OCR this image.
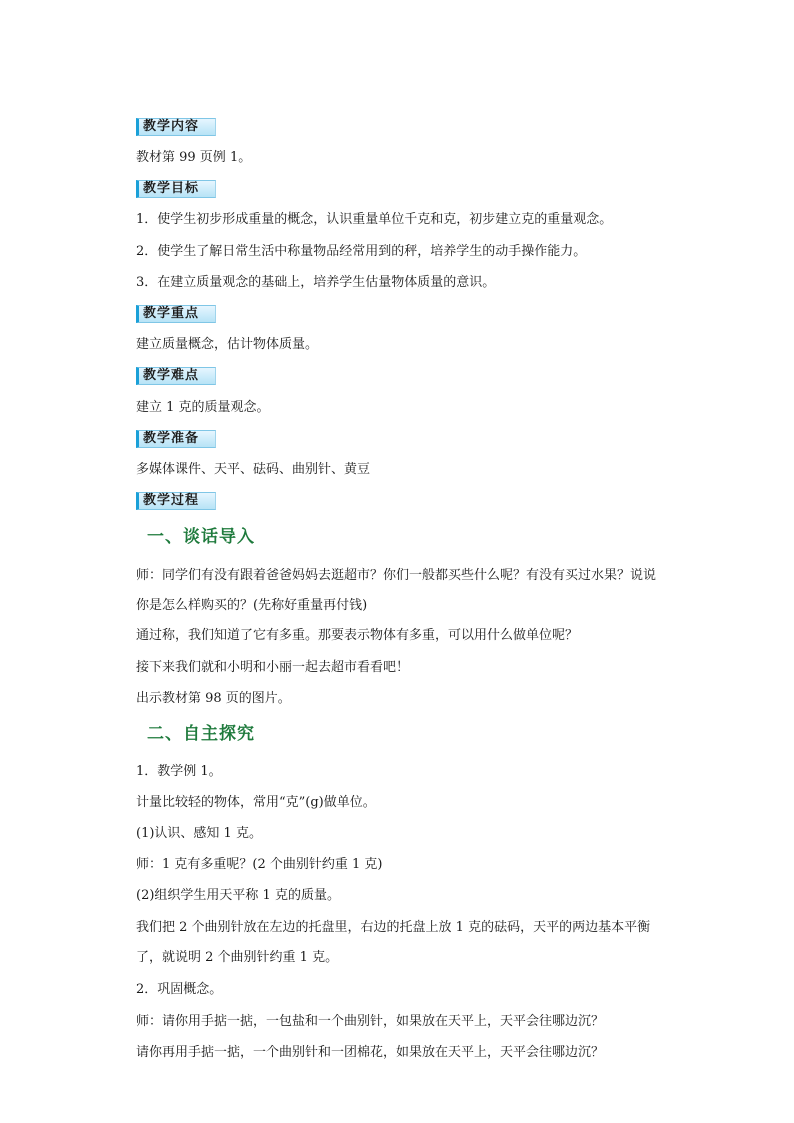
教学内容
教材第 99 页例 1。
教学目标
1．使学生初步形成重量的概念，认识重量单位千克和克，初步建立克的重量观念。
2．使学生了解日常生活中称量物品经常用到的秤，培养学生的动手操作能力。
3．在建立质量观念的基础上，培养学生估量物体质量的意识。
教学重点
建立质量概念，估计物体质量。
教学难点
建立 1 克的质量观念。
教学准备
多媒体课件、天平、砝码、曲别针、黄豆
教学过程
一、谈话导入
师：同学们有没有跟着爸爸妈妈去逛超市？你们一般都买些什么呢？有没有买过水果？说说你是怎么样购买的？(先称好重量再付钱)
通过称，我们知道了它有多重。那要表示物体有多重，可以用什么做单位呢？
接下来我们就和小明和小丽一起去超市看看吧！
出示教材第 98 页的图片。
二、自主探究
1．教学例 1。
计量比较轻的物体，常用“克”(g)做单位。
(1)认识、感知 1 克。
师：1 克有多重呢？(2 个曲别针约重 1 克)
(2)组织学生用天平称 1 克的质量。
我们把 2 个曲别针放在左边的托盘里，右边的托盘上放 1 克的砝码，天平的两边基本平衡了，就说明 2 个曲别针约重 1 克。
2．巩固概念。
师：请你用手掂一掂，一包盐和一个曲别针，如果放在天平上，天平会往哪边沉？
请你再用手掂一掂，一个曲别针和一团棉花，如果放在天平上，天平会往哪边沉？
